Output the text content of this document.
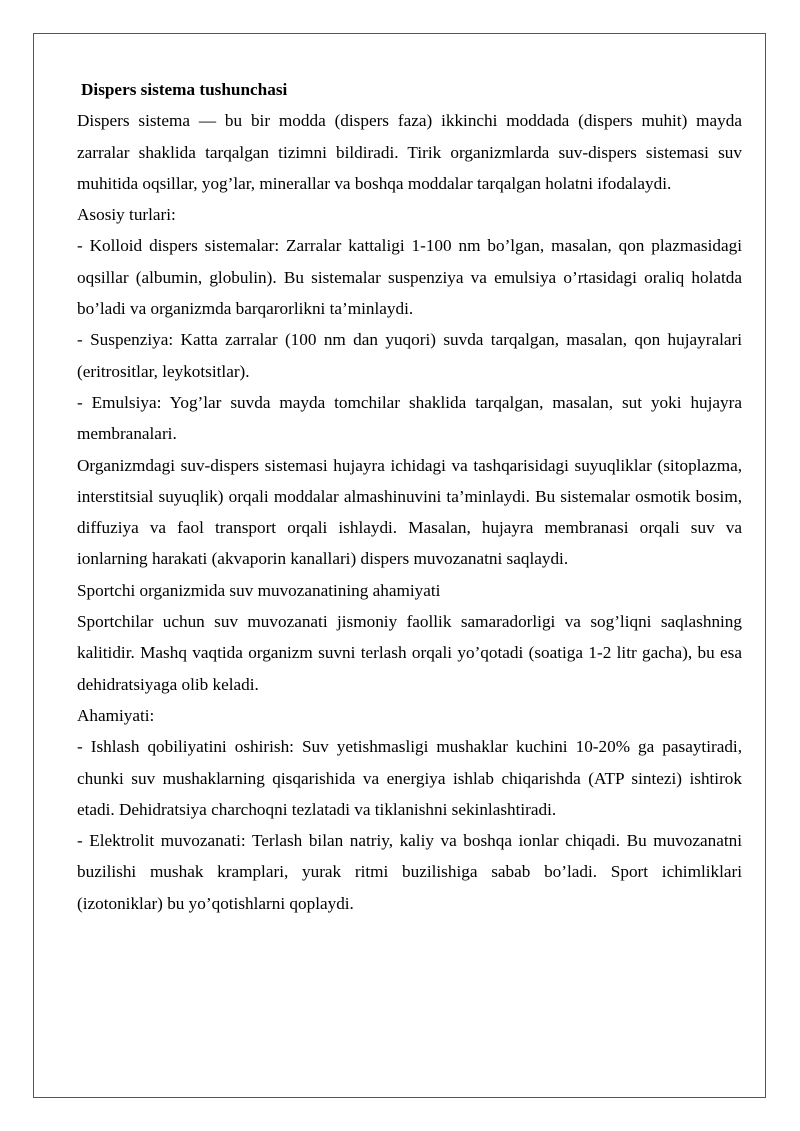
Dispers sistema tushunchasi

Dispers sistema — bu bir modda (dispers faza) ikkinchi moddada (dispers muhit) mayda zarralar shaklida tarqalgan tizimni bildiradi. Tirik organizmlarda suv-dispers sistemasi suv muhitida oqsillar, yog’lar, minerallar va boshqa moddalar tarqalgan holatni ifodalaydi.

Asosiy turlari:

- Kolloid dispers sistemalar: Zarralar kattaligi 1-100 nm bo’lgan, masalan, qon plazmasidagi oqsillar (albumin, globulin). Bu sistemalar suspenziya va emulsiya o’rtasidagi oraliq holatda bo’ladi va organizmda barqarorlikni ta’minlaydi.

- Suspenziya: Katta zarralar (100 nm dan yuqori) suvda tarqalgan, masalan, qon hujayralari (eritrositlar, leykotsitlar).

- Emulsiya: Yog’lar suvda mayda tomchilar shaklida tarqalgan, masalan, sut yoki hujayra membranalari.

Organizmdagi suv-dispers sistemasi hujayra ichidagi va tashqarisidagi suyuqliklar (sitoplazma, interstitsial suyuqlik) orqali moddalar almashinuvini ta’minlaydi. Bu sistemalar osmotik bosim, diffuziya va faol transport orqali ishlaydi. Masalan, hujayra membranasi orqali suv va ionlarning harakati (akvaporin kanallari) dispers muvozanatni saqlaydi.

Sportchi organizmida suv muvozanatining ahamiyati

Sportchilar uchun suv muvozanati jismoniy faollik samaradorligi va sog’liqni saqlashning kalitidir. Mashq vaqtida organizm suvni terlash orqali yo’qotadi (soatiga 1-2 litr gacha), bu esa dehidratsiyaga olib keladi.

Ahamiyati:

- Ishlash qobiliyatini oshirish: Suv yetishmasligi mushaklar kuchini 10-20% ga pasaytiradi, chunki suv mushaklarning qisqarishida va energiya ishlab chiqarishda (ATP sintezi) ishtirok etadi. Dehidratsiya charchoqni tezlatadi va tiklanishni sekinlashtiradi.

- Elektrolit muvozanati: Terlash bilan natriy, kaliy va boshqa ionlar chiqadi. Bu muvozanatni buzilishi mushak kramplari, yurak ritmi buzilishiga sabab bo’ladi. Sport ichimliklari (izotoniklar) bu yo’qotishlarni qoplaydi.
